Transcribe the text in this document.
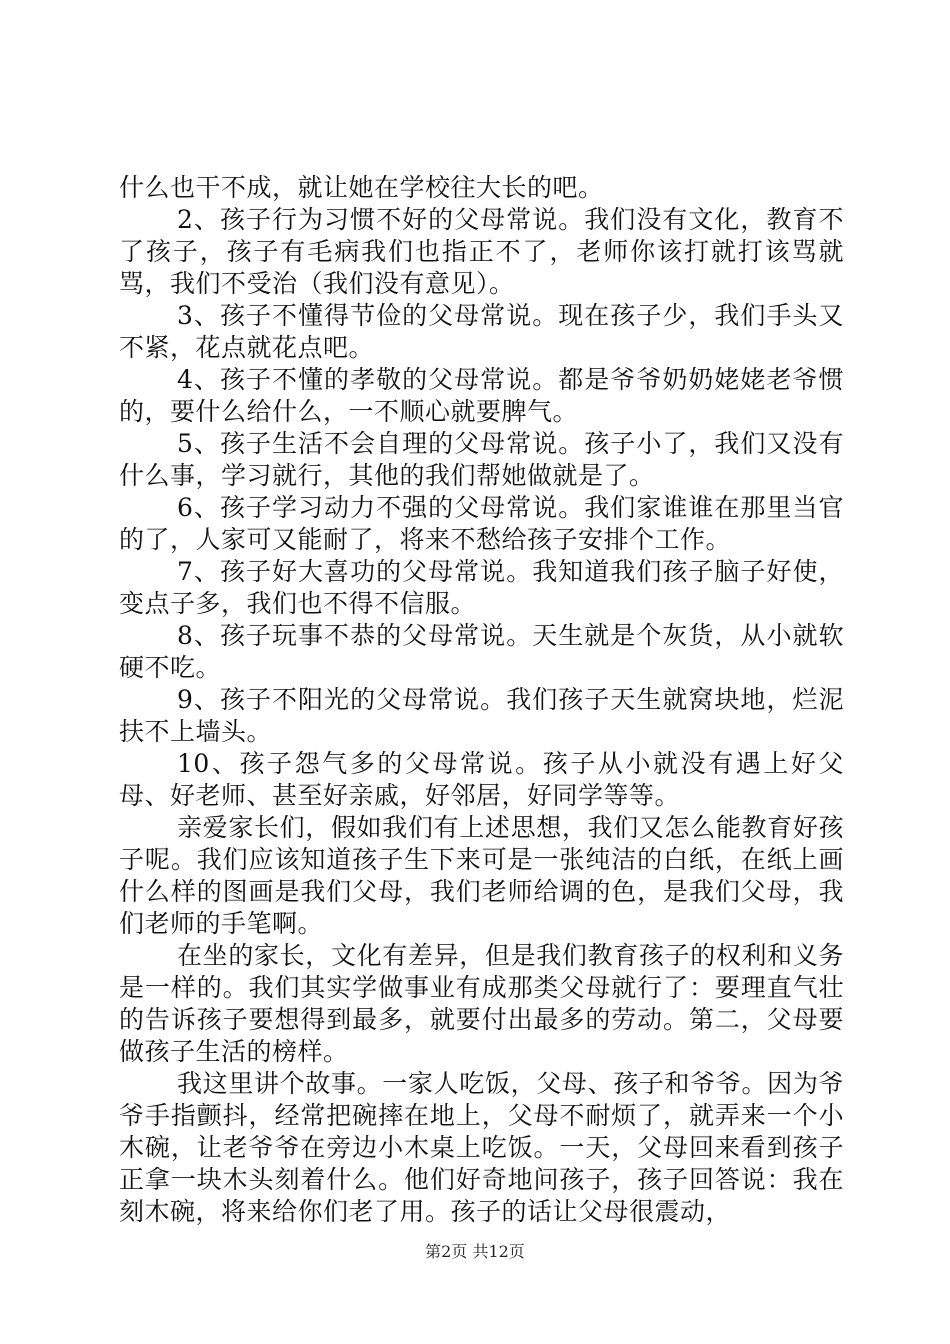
什么也干不成，就让她在学校往大长的吧。

2、孩子行为习惯不好的父母常说。我们没有文化，教育不了孩子，孩子有毛病我们也指正不了，老师你该打就打该骂就骂，我们不受治（我们没有意见）。

3、孩子不懂得节俭的父母常说。现在孩子少，我们手头又不紧，花点就花点吧。

4、孩子不懂的孝敬的父母常说。都是爷爷奶奶姥姥老爷惯的，要什么给什么，一不顺心就要脾气。

5、孩子生活不会自理的父母常说。孩子小了，我们又没有什么事，学习就行，其他的我们帮她做就是了。

6、孩子学习动力不强的父母常说。我们家谁谁在那里当官的了，人家可又能耐了，将来不愁给孩子安排个工作。

7、孩子好大喜功的父母常说。我知道我们孩子脑子好使，变点子多，我们也不得不信服。

8、孩子玩事不恭的父母常说。天生就是个灰货，从小就软硬不吃。

9、孩子不阳光的父母常说。我们孩子天生就窝块地，烂泥扶不上墙头。

10、孩子怨气多的父母常说。孩子从小就没有遇上好父母、好老师、甚至好亲戚，好邻居，好同学等等。

亲爱家长们，假如我们有上述思想，我们又怎么能教育好孩子呢。我们应该知道孩子生下来可是一张纯洁的白纸，在纸上画什么样的图画是我们父母，我们老师给调的色，是我们父母，我们老师的手笔啊。

在坐的家长，文化有差异，但是我们教育孩子的权利和义务是一样的。我们其实学做事业有成那类父母就行了：要理直气壮的告诉孩子要想得到最多，就要付出最多的劳动。第二，父母要做孩子生活的榜样。

我这里讲个故事。一家人吃饭，父母、孩子和爷爷。因为爷爷手指颤抖，经常把碗摔在地上，父母不耐烦了，就弄来一个小木碗，让老爷爷在旁边小木桌上吃饭。一天，父母回来看到孩子正拿一块木头刻着什么。他们好奇地问孩子，孩子回答说：我在刻木碗，将来给你们老了用。孩子的话让父母很震动，

第2页 共12页
